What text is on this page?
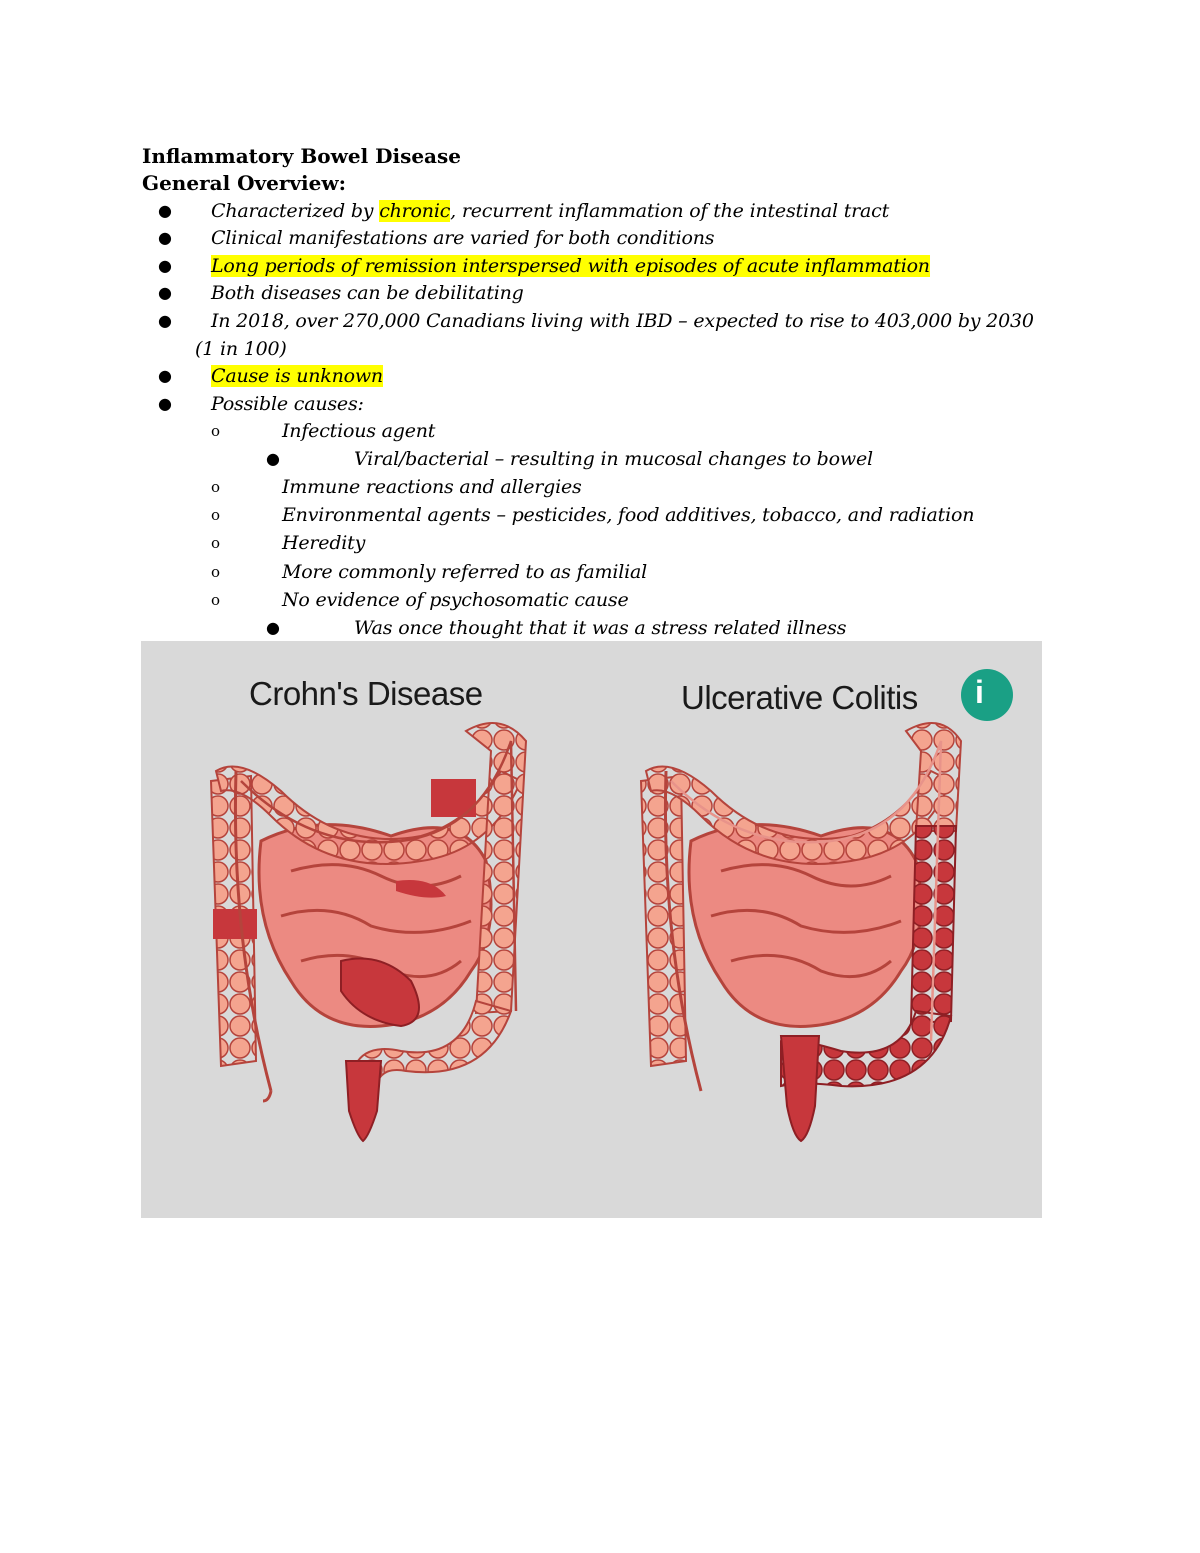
Inflammatory Bowel Disease
General Overview:
● Characterized by chronic, recurrent inflammation of the intestinal tract
● Clinical manifestations are varied for both conditions
● Long periods of remission interspersed with episodes of acute inflammation
● Both diseases can be debilitating
● In 2018, over 270,000 Canadians living with IBD – expected to rise to 403,000 by 2030
(1 in 100)
● Cause is unknown
● Possible causes:
o	Infectious agent
●	Viral/bacterial – resulting in mucosal changes to bowel
o	Immune reactions and allergies
o	Environmental agents – pesticides, food additives, tobacco, and radiation
o	Heredity
o	More commonly referred to as familial
o	No evidence of psychosomatic cause
●	Was once thought that it was a stress related illness
Crohn's Disease	Ulcerative Colitis i
